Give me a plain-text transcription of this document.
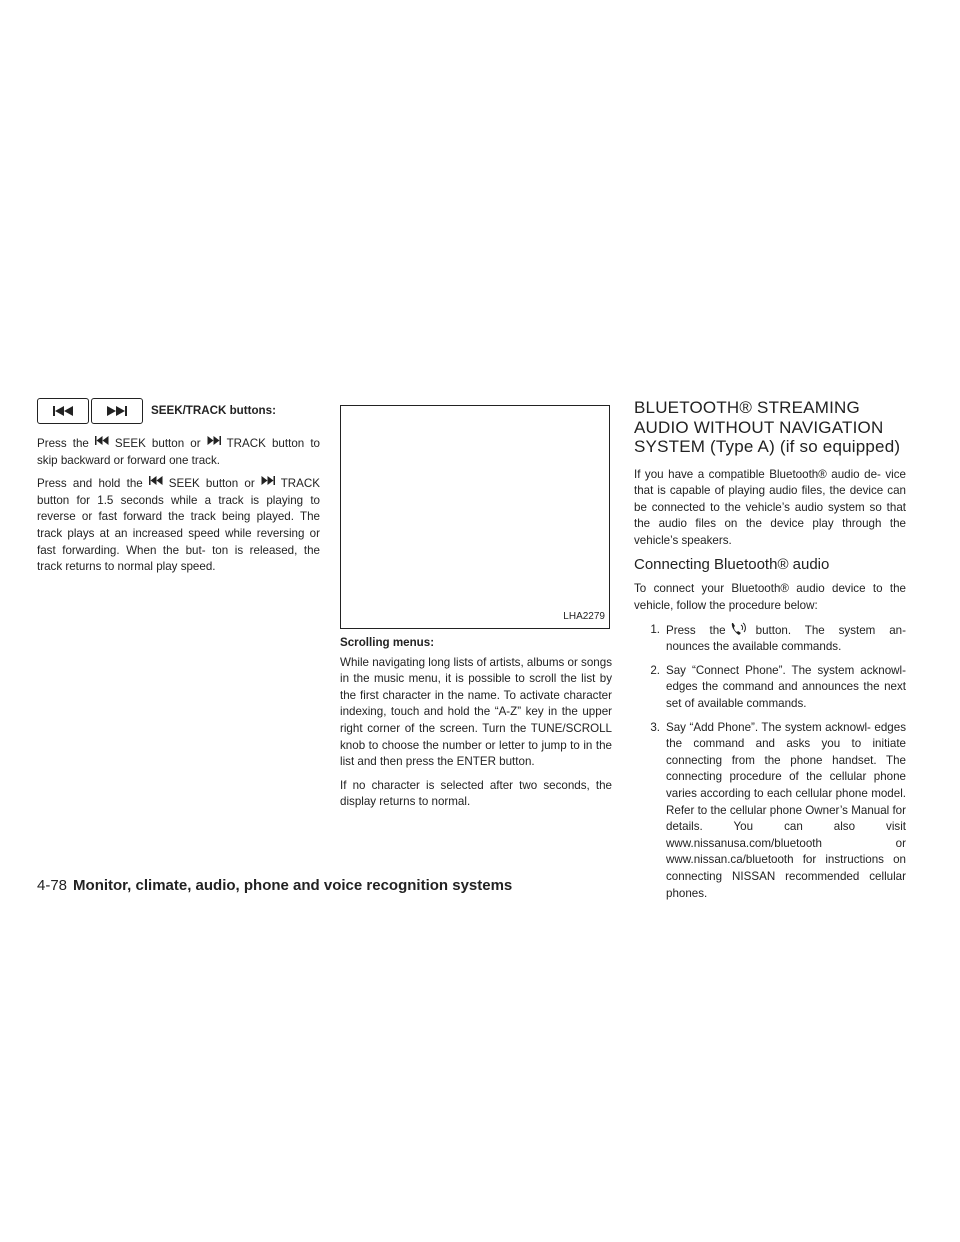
SEEK/TRACK buttons:

Press the SEEK button or TRACK button to skip backward or forward one track.

Press and hold the SEEK button or TRACK button for 1.5 seconds while a track is playing to reverse or fast forward the track being played. The track plays at an increased speed while reversing or fast forwarding. When the but- ton is released, the track returns to normal play speed.

LHA2279
Scrolling menus:

While navigating long lists of artists, albums or songs in the music menu, it is possible to scroll the list by the first character in the name. To activate character indexing, touch and hold the “A-Z” key in the upper right corner of the screen. Turn the TUNE/SCROLL knob to choose the number or letter to jump to in the list and then press the ENTER button.

If no character is selected after two seconds, the display returns to normal.

BLUETOOTH® STREAMING AUDIO WITHOUT NAVIGATION SYSTEM (Type A) (if so equipped)

If you have a compatible Bluetooth® audio de- vice that is capable of playing audio files, the device can be connected to the vehicle’s audio system so that the audio files on the device play through the vehicle’s speakers.

Connecting Bluetooth® audio

To connect your Bluetooth® audio device to the vehicle, follow the procedure below:

1. Press the	button. The system an- nounces the available commands.
2. Say “Connect Phone”. The system acknowl- edges the command and announces the next set of available commands.
3. Say “Add Phone”. The system acknowl- edges the command and asks you to initiate connecting from the phone handset. The connecting procedure of the cellular phone varies according to each cellular phone model. Refer to the cellular phone Owner’s Manual for details. You can also visit www.nissanusa.com/bluetooth or www.nissan.ca/bluetooth for instructions on connecting NISSAN recommended cellular phones.
4-78 Monitor, climate, audio, phone and voice recognition systems
